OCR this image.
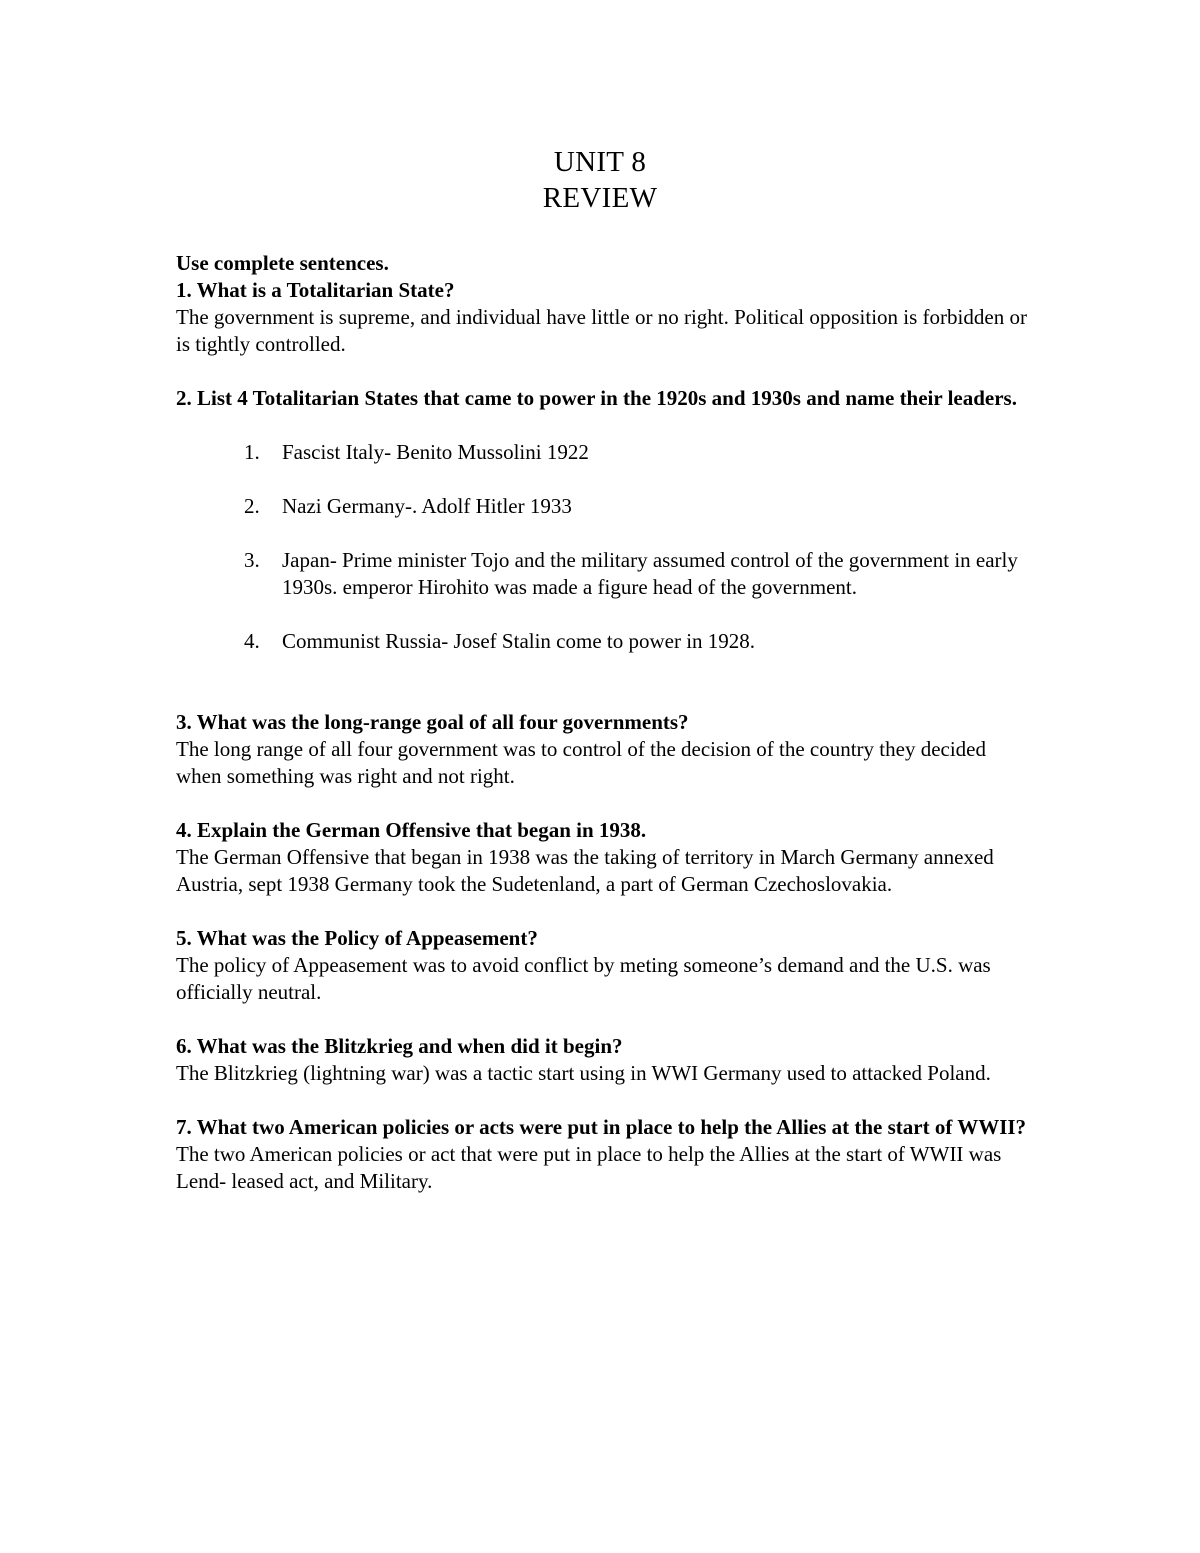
UNIT 8
REVIEW

Use complete sentences.

1. What is a Totalitarian State?

The government is supreme, and individual have little or no right. Political opposition is forbidden or is tightly controlled.

2. List 4 Totalitarian States that came to power in the 1920s and 1930s and name their leaders.

1. Fascist Italy- Benito Mussolini 1922
2. Nazi Germany-. Adolf Hitler 1933
3. Japan- Prime minister Tojo and the military assumed control of the government in early 1930s. emperor Hirohito was made a figure head of the government.
4. Communist Russia- Josef Stalin come to power in 1928.

3. What was the long-range goal of all four governments?

The long range of all four government was to control of the decision of the country they decided when something was right and not right.

4. Explain the German Offensive that began in 1938.

The German Offensive that began in 1938 was the taking of territory in March Germany annexed Austria, sept 1938 Germany took the Sudetenland, a part of German Czechoslovakia.

5. What was the Policy of Appeasement?

The policy of Appeasement was to avoid conflict by meting someone’s demand and the U.S. was officially neutral.

6. What was the Blitzkrieg and when did it begin?

The Blitzkrieg (lightning war) was a tactic start using in WWI Germany used to attacked Poland.

7. What two American policies or acts were put in place to help the Allies at the start of WWII?

The two American policies or act that were put in place to help the Allies at the start of WWII was Lend- leased act, and Military.
